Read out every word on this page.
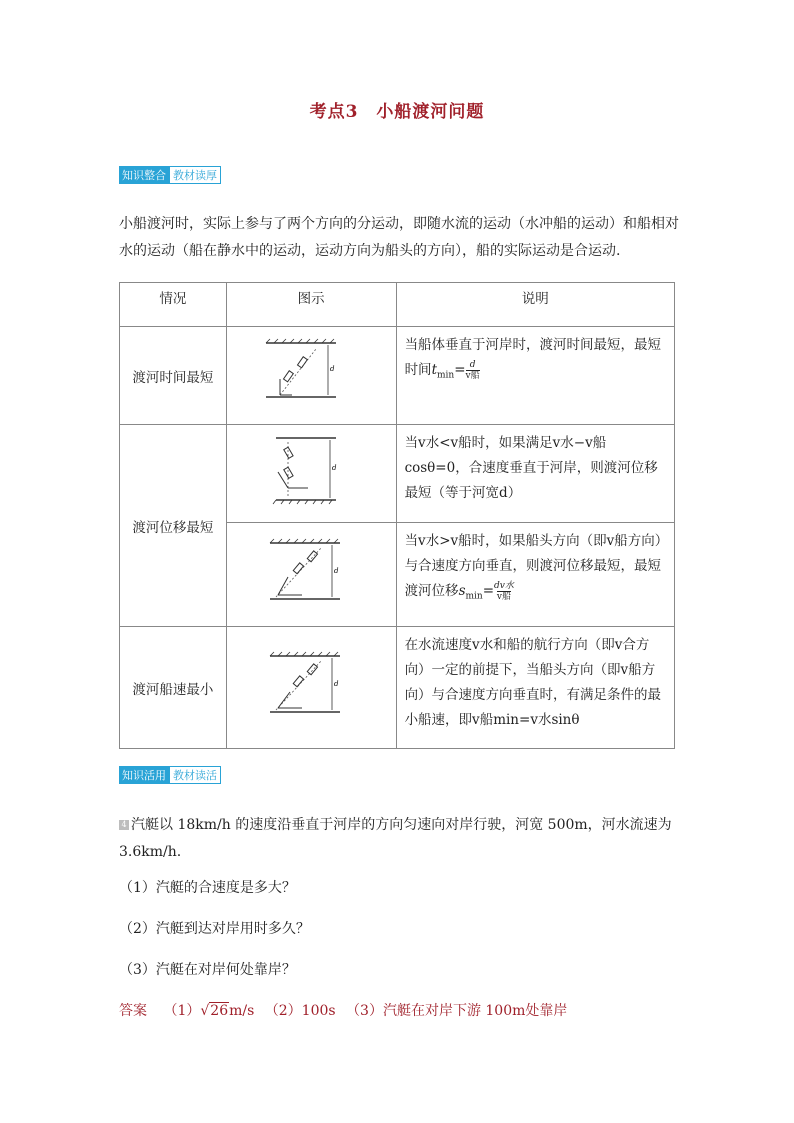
考点3　小船渡河问题
知识整合 教材读厚
小船渡河时，实际上参与了两个方向的分运动，即随水流的运动（水冲船的运动）和船相对水的运动（船在静水中的运动，运动方向为船头的方向），船的实际运动是合运动.
情况	图示	说明
渡河时间最短	d	当船体垂直于河岸时，渡河时间最短，最短时间$t_{min}= d$
v船

渡河位移最短	d	当v水<v船时，如果满足v水−v船cosθ=0，合速度垂直于河岸，则渡河位移最短（等于河宽d）

d	当v水>v船时，如果船头方向（即v船方向）与合速度方向垂直，则渡河位移最短，最短渡河位移$s_{min}=$ dv水
v船

渡河船速最小	d	在水流速度v水和船的航行方向（即v合方向）一定的前提下，当船头方向（即v船方向）与合速度方向垂直时，有满足条件的最小船速，即v船min=v水sinθ
知识活用 教材读活
4 汽艇以 18km/h 的速度沿垂直于河岸的方向匀速向对岸行驶，河宽 500m，河水流速为 3.6km/h.
（1）汽艇的合速度是多大？
（2）汽艇到达对岸用时多久？
（3）汽艇在对岸何处靠岸？
答案 （1）√26m/s （2）100s （3）汽艇在对岸下游 100m处靠岸
